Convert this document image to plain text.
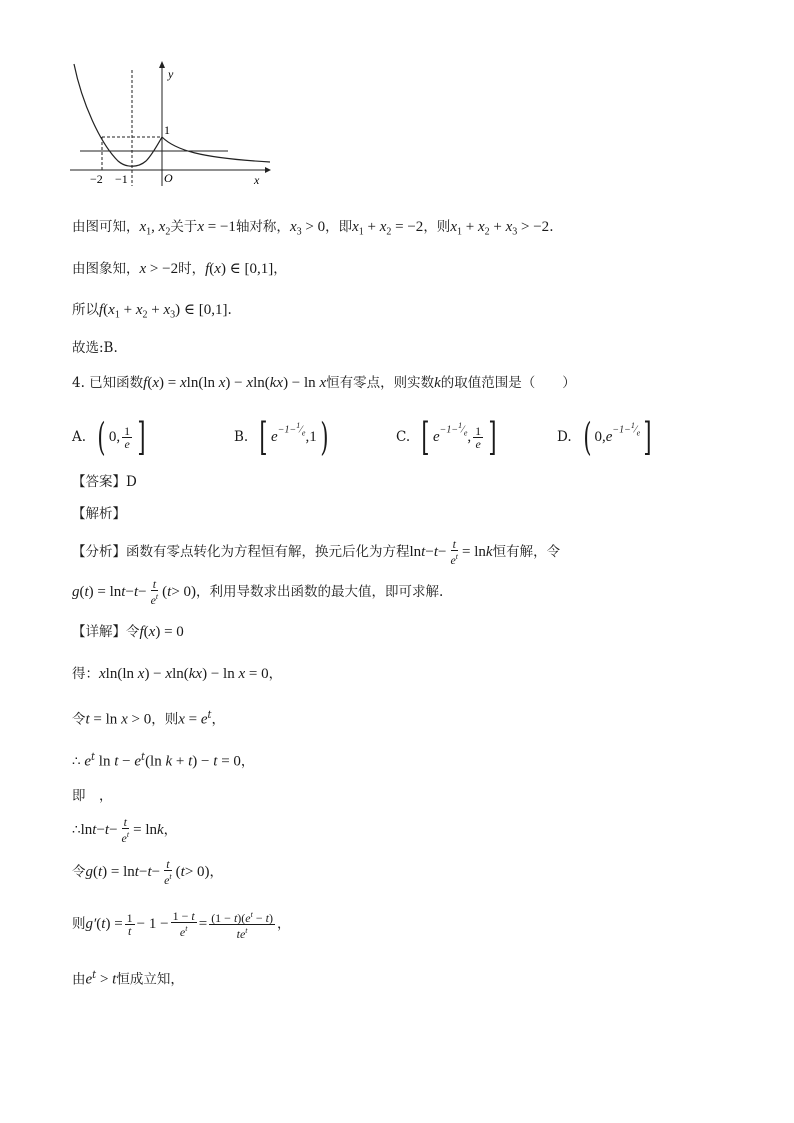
y
1
O	x
−2 −1
由图可知，$x_1$, $x_2$关于x = −1轴对称，$x_3 > 0$，即$x_1 + x_2 = -2$，则$x_1 + x_2 + x_3 > -2$.
由图象知，x > −2时，f(x) ∈ [0,1]，
所以$f(x_1 + x_2 + x_3)$ ∈ [0,1].
故选:B.
4. 已知函数f(x) = xln(ln x) − xln(kx) − ln x恒有零点，则实数k的取值范围是（　　）
A. ( 0, $\frac{1}{e}$ ]	B. [ $e^{-1-^1⁄_e}$ ,1 )	C. [ $e^{-1-^1⁄_e}$ , $\frac{1}{e}$ ]	D. ( 0, $e^{-1-^1⁄_e}$ ]
【答案】D
【解析】
【分析】函数有零点转化为方程恒有解，换元后化为方程 $\ln t - t - \frac{t}{e^t} = \ln k$ 恒有解，令
g ( t ) = $\ln t - t - \frac{t}{e^t}$ ( t > 0) ，利用导数求出函数的最大值，即可求解.
【详解】令f(x) = 0
得：xln(ln x) − xln(kx) − ln x = 0，
令t = ln x > 0，则$x = e^t$，
∴ $e^t$ $\ln t - e^t(\ln$ k + t) − t = 0，
即　，
∴ $\ln t - t - \frac{t}{e^t} = \ln k$ ，
令 g ( t ) = $\ln t - t - \frac{t}{e^t}$ ( t > 0) ，
则 g′ ( t ) = $\frac{1}{t} - 1 - \frac{1 - t}{e^t} = \frac{(1 - t)(e^t - t)}{te^t}$ ，
由$e^t > t$恒成立知，
